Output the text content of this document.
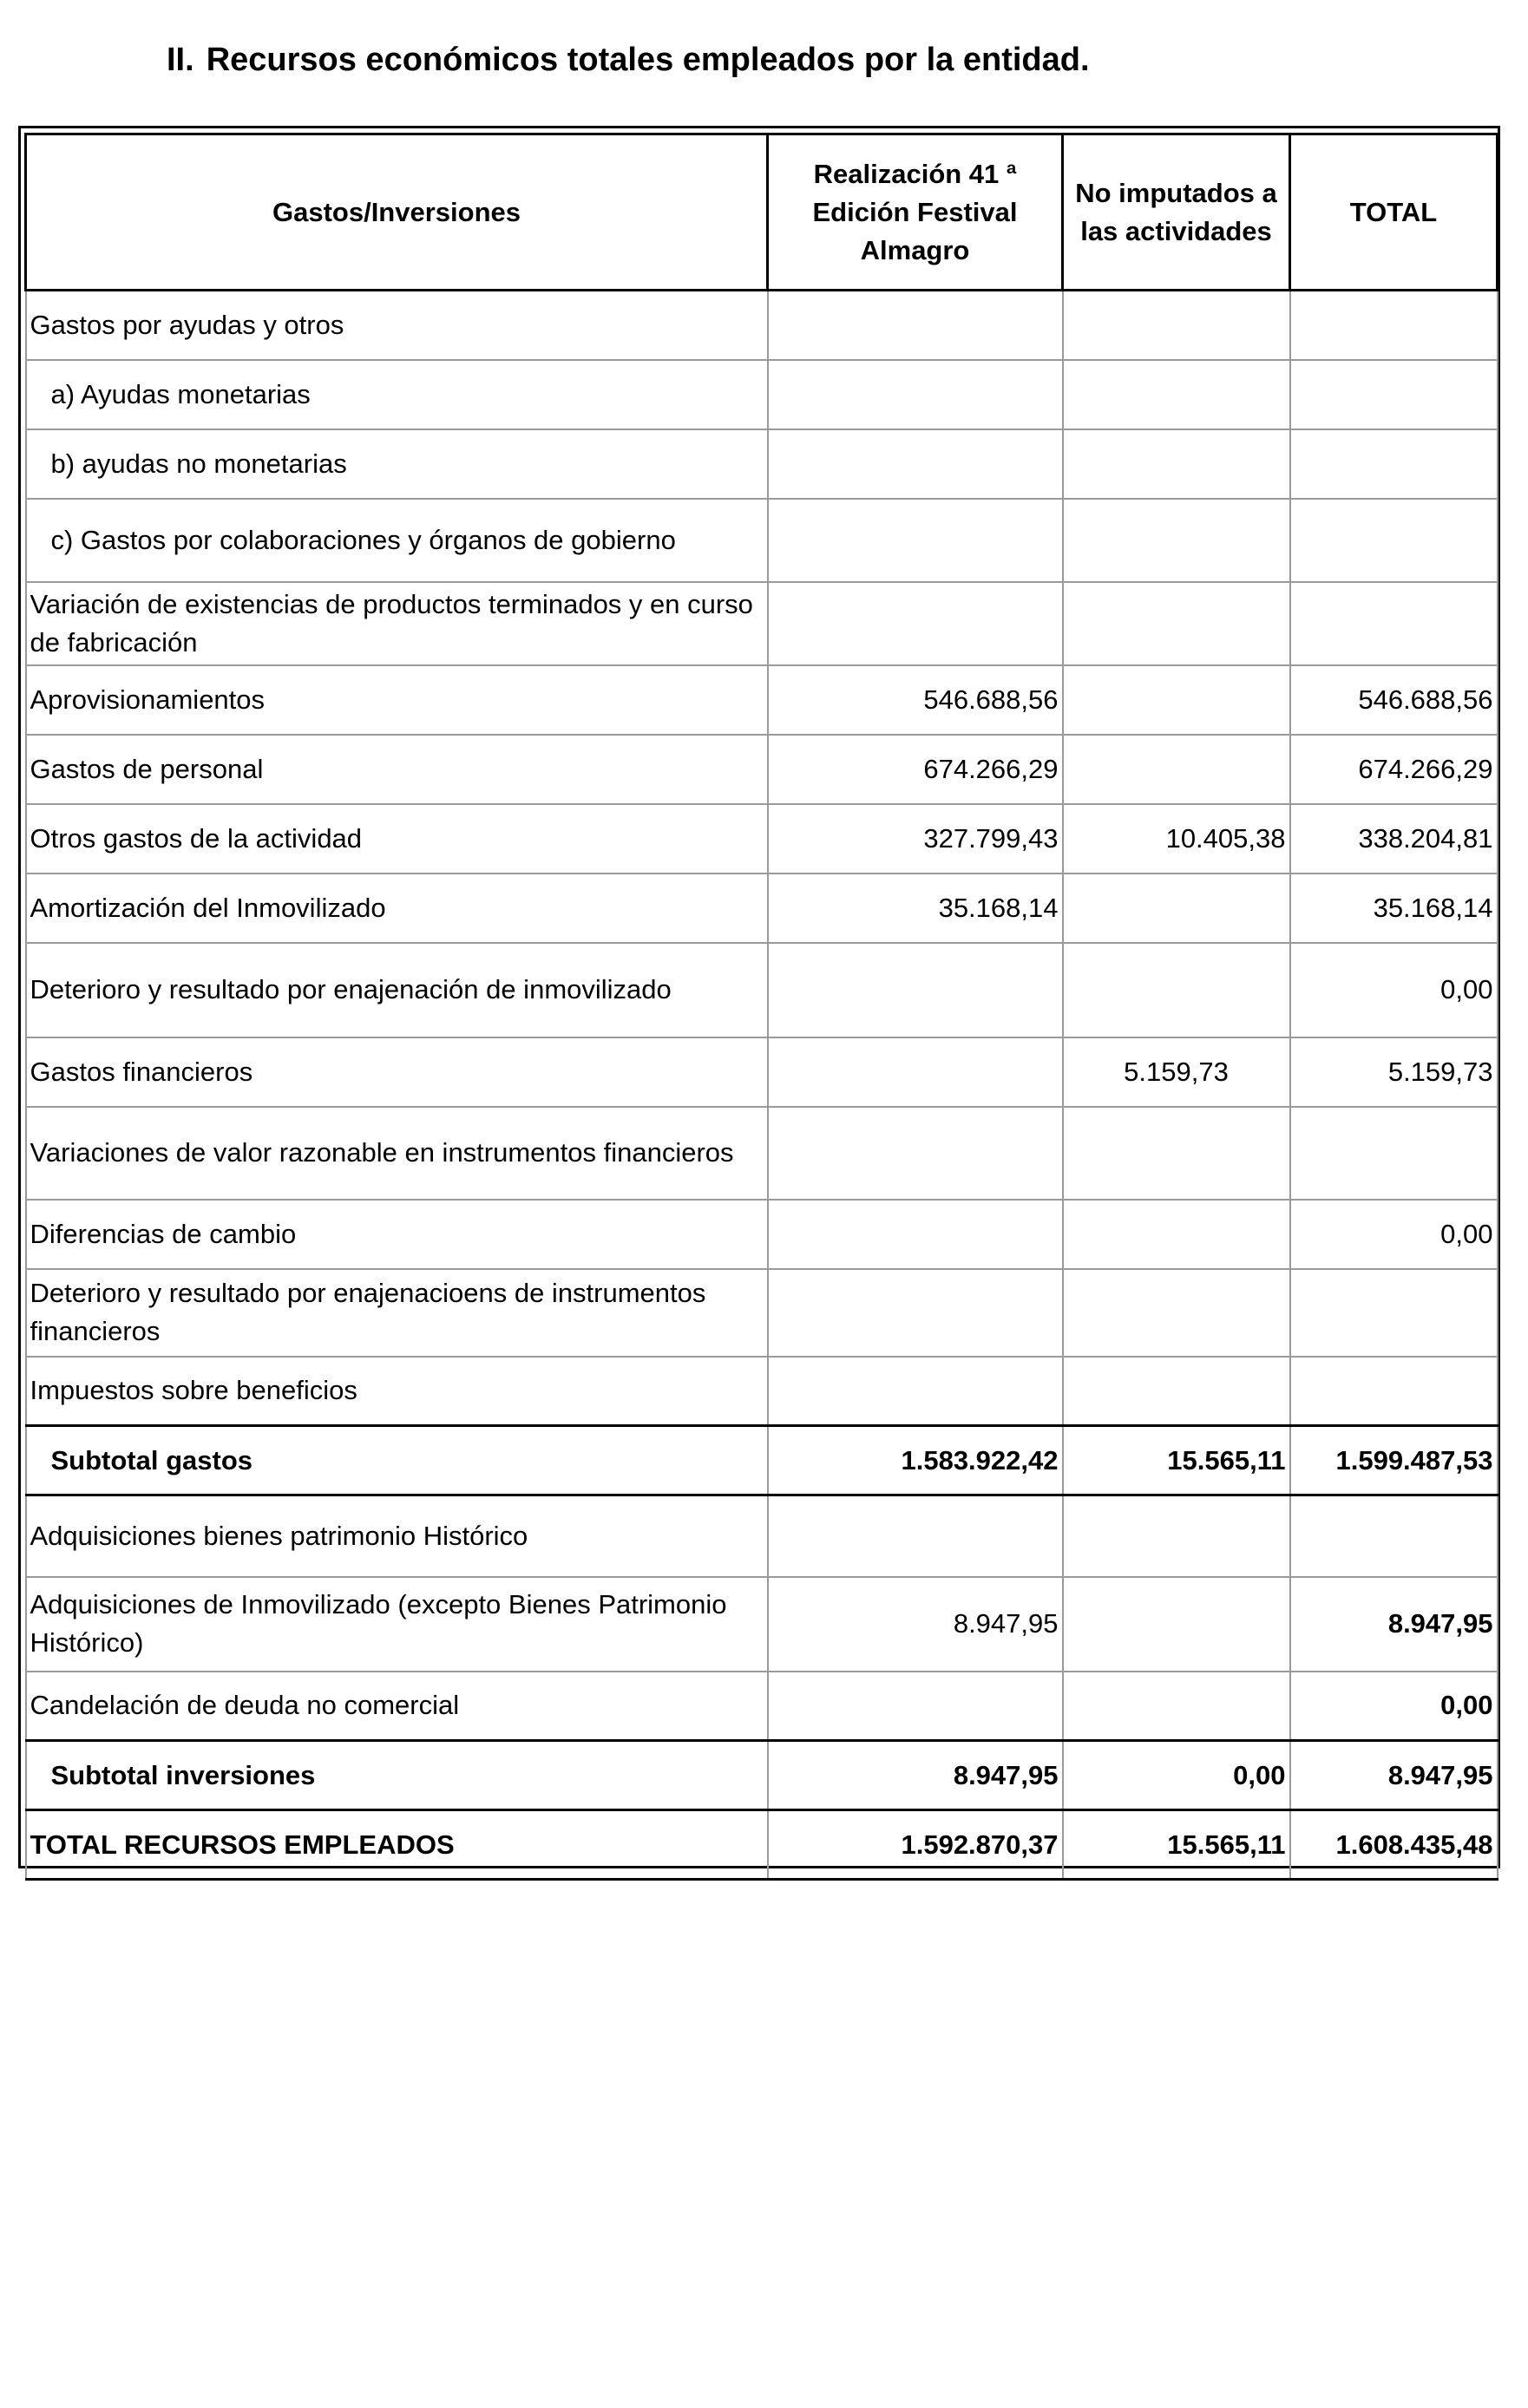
II. Recursos económicos totales empleados por la entidad.
Gastos/Inversiones	Realización 41 ª Edición Festival Almagro	No imputados a las actividades	TOTAL
Gastos por ayudas y otros			
a) Ayudas monetarias			
b) ayudas no monetarias			
c) Gastos por colaboraciones y órganos de gobierno			
Variación de existencias de productos terminados y en curso de fabricación			
Aprovisionamientos	546.688,56		546.688,56
Gastos de personal	674.266,29		674.266,29
Otros gastos de la actividad	327.799,43	10.405,38	338.204,81
Amortización del Inmovilizado	35.168,14		35.168,14
Deterioro y resultado por enajenación de inmovilizado			0,00
Gastos financieros		5.159,73	5.159,73
Variaciones de valor razonable en instrumentos financieros			
Diferencias de cambio			0,00
Deterioro y resultado por enajenacioens de instrumentos financieros			
Impuestos sobre beneficios			
Subtotal gastos	1.583.922,42	15.565,11	1.599.487,53
Adquisiciones bienes patrimonio Histórico			
Adquisiciones de Inmovilizado (excepto Bienes Patrimonio Histórico)	8.947,95		8.947,95
Candelación de deuda no comercial			0,00
Subtotal inversiones	8.947,95	0,00	8.947,95
TOTAL RECURSOS EMPLEADOS	1.592.870,37	15.565,11	1.608.435,48
